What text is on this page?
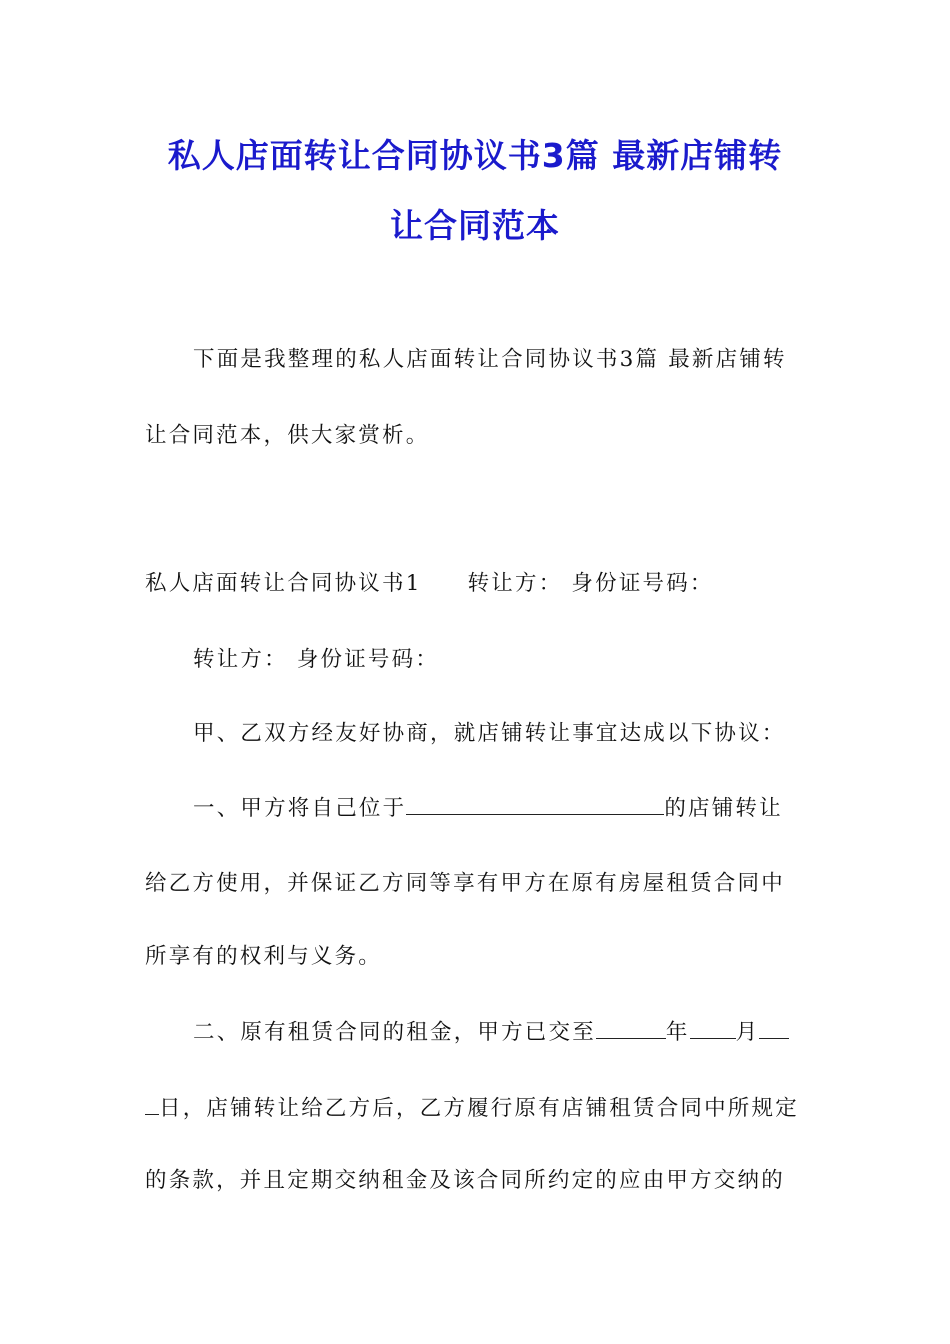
私人店面转让合同协议书3篇 最新店铺转
让合同范本
下面是我整理的私人店面转让合同协议书3篇 最新店铺转
让合同范本，供大家赏析。
私人店面转让合同协议书1 转让方： 身份证号码：
转让方： 身份证号码：
甲、乙双方经友好协商，就店铺转让事宜达成以下协议：
一、甲方将自己位于	的店铺转让
给乙方使用，并保证乙方同等享有甲方在原有房屋租赁合同中
所享有的权利与义务。
二、原有租赁合同的租金，甲方已交至	年 月
日，店铺转让给乙方后，乙方履行原有店铺租赁合同中所规定
的条款，并且定期交纳租金及该合同所约定的应由甲方交纳的
